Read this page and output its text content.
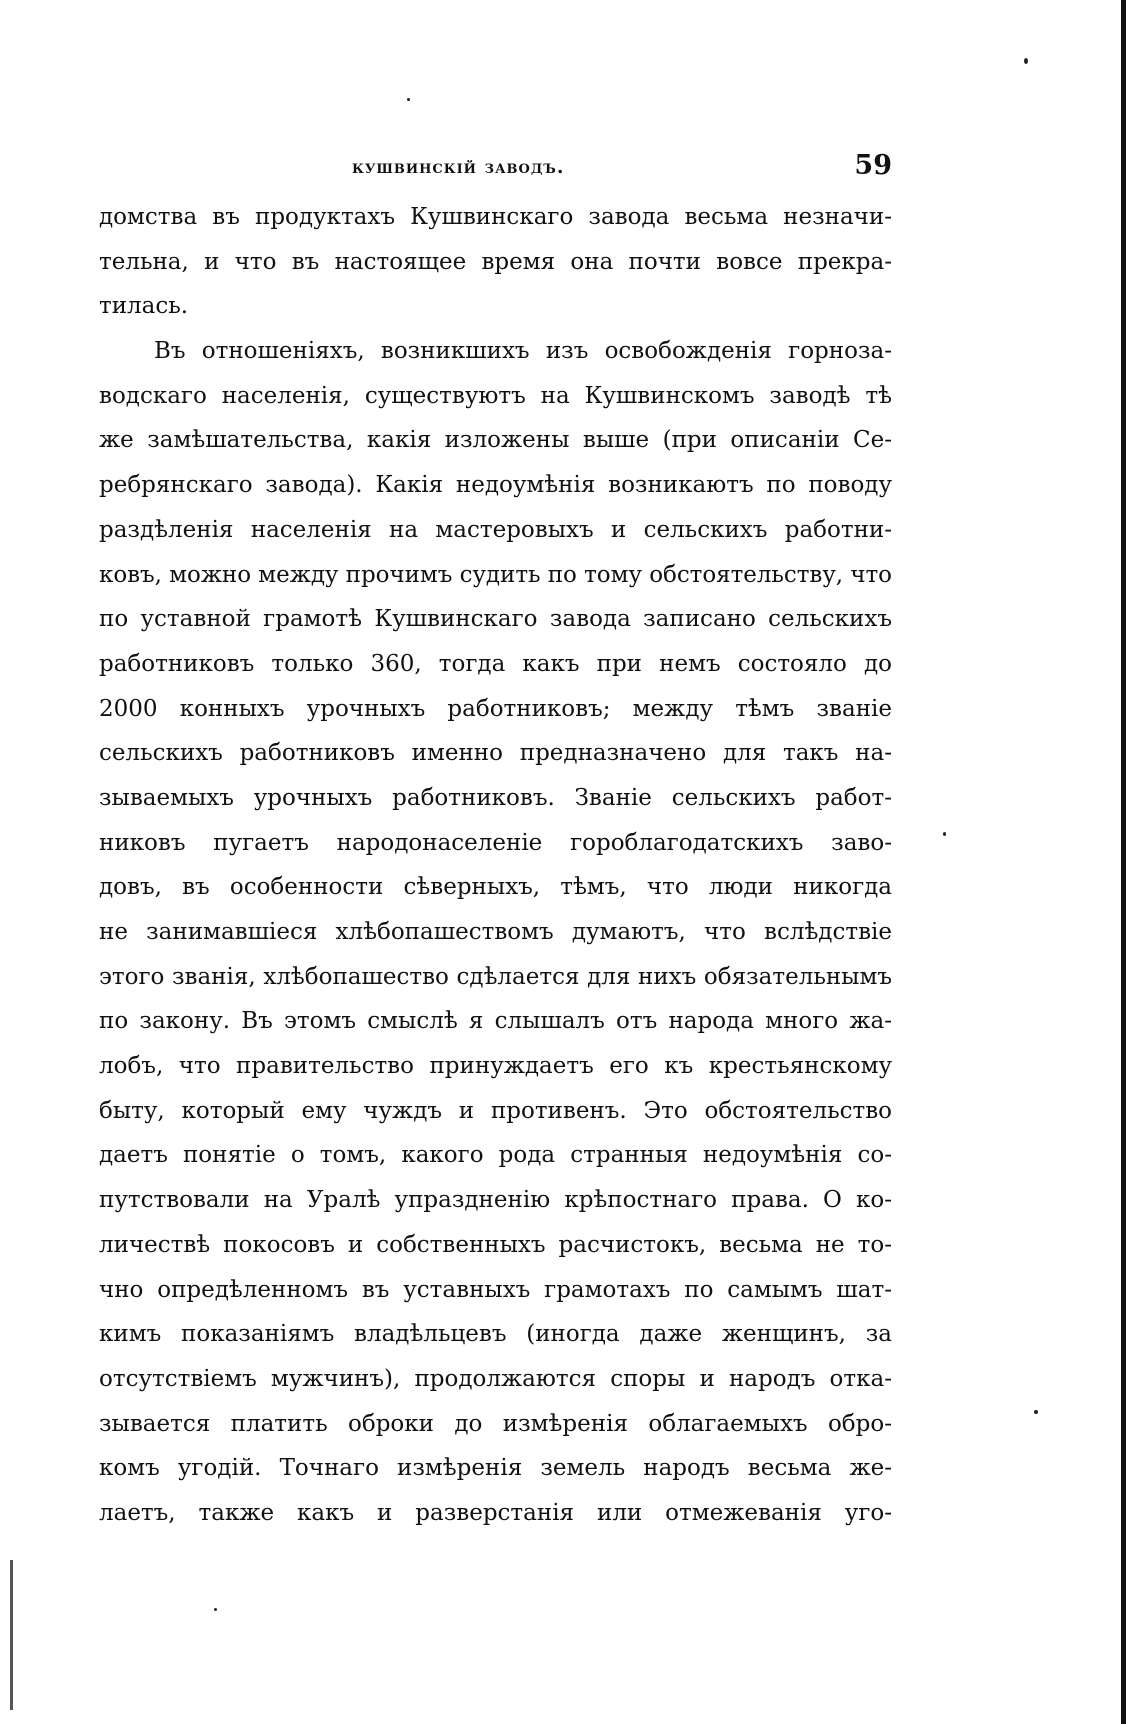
кушвинскій заводъ.	59
домства въ продуктахъ Кушвинскаго завода весьма незначи-
тельна, и что въ настоящее время она почти вовсе прекра-
тилась.
Въ отношеніяхъ, возникшихъ изъ освобожденія горноза-
водскаго населенія, существуютъ на Кушвинскомъ заводѣ тѣ
же замѣшательства, какія изложены выше (при описаніи Се-
ребрянскаго завода). Какія недоумѣнія возникаютъ по поводу
раздѣленія населенія на мастеровыхъ и сельскихъ работни-
ковъ, можно между прочимъ судить по тому обстоятельству, что
по уставной грамотѣ Кушвинскаго завода записано сельскихъ
работниковъ только 360, тогда какъ при немъ состояло до
2000 конныхъ урочныхъ работниковъ; между тѣмъ званіе
сельскихъ работниковъ именно предназначено для такъ на-
зываемыхъ урочныхъ работниковъ. Званіе сельскихъ работ-
никовъ пугаетъ народонаселеніе гороблагодатскихъ заво-
довъ, въ особенности сѣверныхъ, тѣмъ, что люди никогда
не занимавшіеся хлѣбопашествомъ думаютъ, что вслѣдствіе
этого званія, хлѣбопашество сдѣлается для нихъ обязательнымъ
по закону. Въ этомъ смыслѣ я слышалъ отъ народа много жа-
лобъ, что правительство принуждаетъ его къ крестьянскому
быту, который ему чуждъ и противенъ. Это обстоятельство
даетъ понятіе о томъ, какого рода странныя недоумѣнія со-
путствовали на Уралѣ упраздненію крѣпостнаго права. О ко-
личествѣ покосовъ и собственныхъ расчистокъ, весьма не то-
чно опредѣленномъ въ уставныхъ грамотахъ по самымъ шат-
кимъ показаніямъ владѣльцевъ (иногда даже женщинъ, за
отсутствіемъ мужчинъ), продолжаются споры и народъ отка-
зывается платить оброки до измѣренія облагаемыхъ обро-
комъ угодій. Точнаго измѣренія земель народъ весьма же-
лаетъ, также какъ и разверстанія или отмежеванія уго-
